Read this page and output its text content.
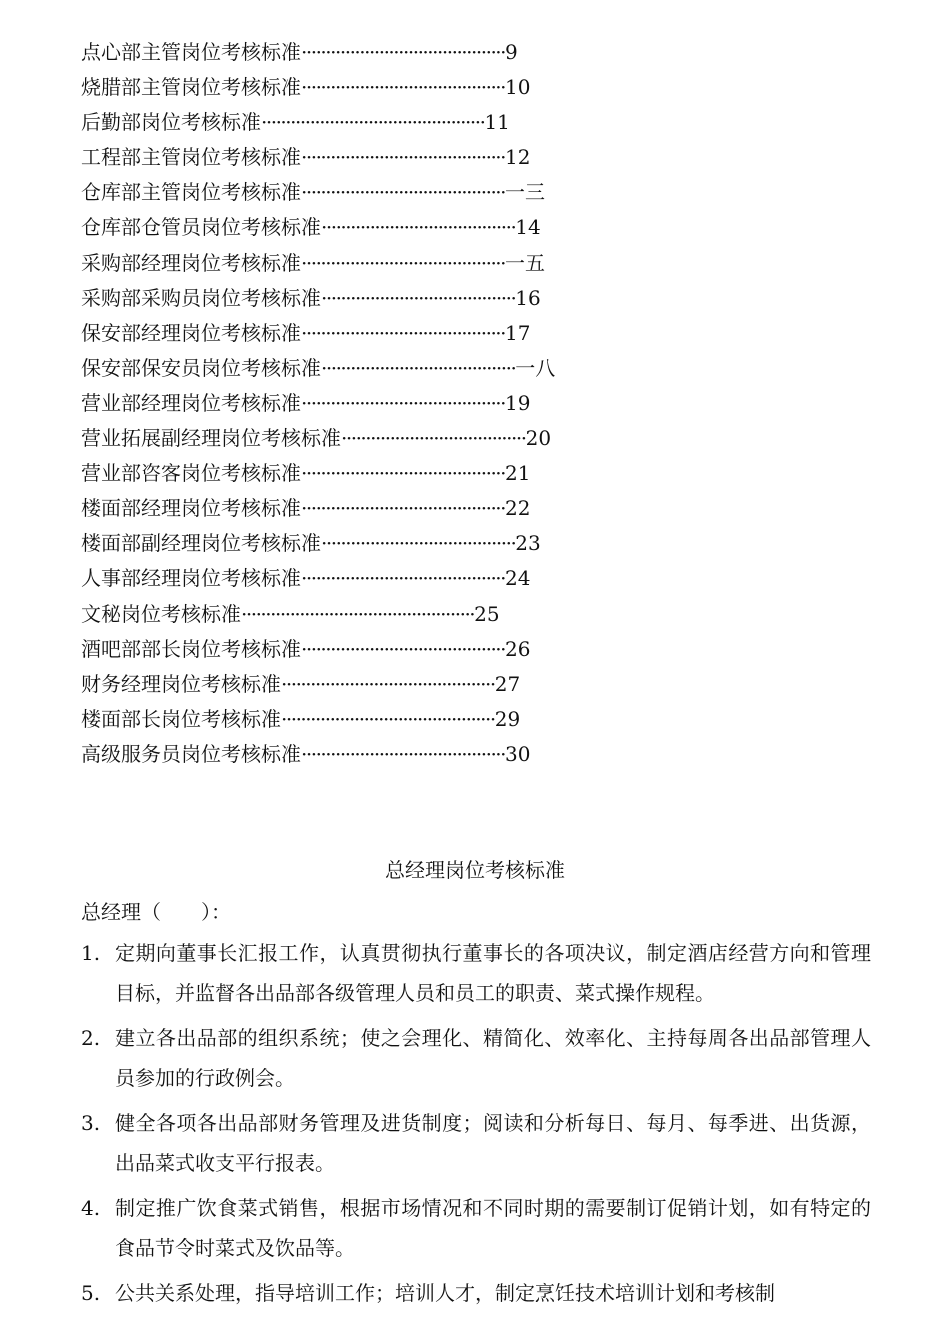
点心部主管岗位考核标准 ·········································· 9
烧腊部主管岗位考核标准 ·········································· 10
后勤部岗位考核标准 ·············································· 11
工程部主管岗位考核标准 ·········································· 12
仓库部主管岗位考核标准 ·········································· 一三
仓库部仓管员岗位考核标准 ········································ 14
采购部经理岗位考核标准 ·········································· 一五
采购部采购员岗位考核标准 ········································ 16
保安部经理岗位考核标准 ·········································· 17
保安部保安员岗位考核标准 ········································ 一八
营业部经理岗位考核标准 ·········································· 19
营业拓展副经理岗位考核标准 ······································ 20
营业部咨客岗位考核标准 ·········································· 21
楼面部经理岗位考核标准 ·········································· 22
楼面部副经理岗位考核标准 ········································ 23
人事部经理岗位考核标准 ·········································· 24
文秘岗位考核标准 ················································ 25
酒吧部部长岗位考核标准 ·········································· 26
财务经理岗位考核标准 ············································ 27
楼面部长岗位考核标准 ············································ 29
高级服务员岗位考核标准 ·········································· 30
总经理岗位考核标准
总经理（　　）：
1. 定期向董事长汇报工作，认真贯彻执行董事长的各项决议，制定酒店经营方向和管理目标，并监督各出品部各级管理人员和员工的职责、菜式操作规程。
2. 建立各出品部的组织系统；使之会理化、精简化、效率化、主持每周各出品部管理人员参加的行政例会。
3. 健全各项各出品部财务管理及进货制度；阅读和分析每日、每月、每季进、出货源，出品菜式收支平行报表。
4. 制定推广饮食菜式销售，根据市场情况和不同时期的需要制订促销计划，如有特定的食品节令时菜式及饮品等。
5. 公共关系处理，指导培训工作；培训人才，制定烹饪技术培训计划和考核制
